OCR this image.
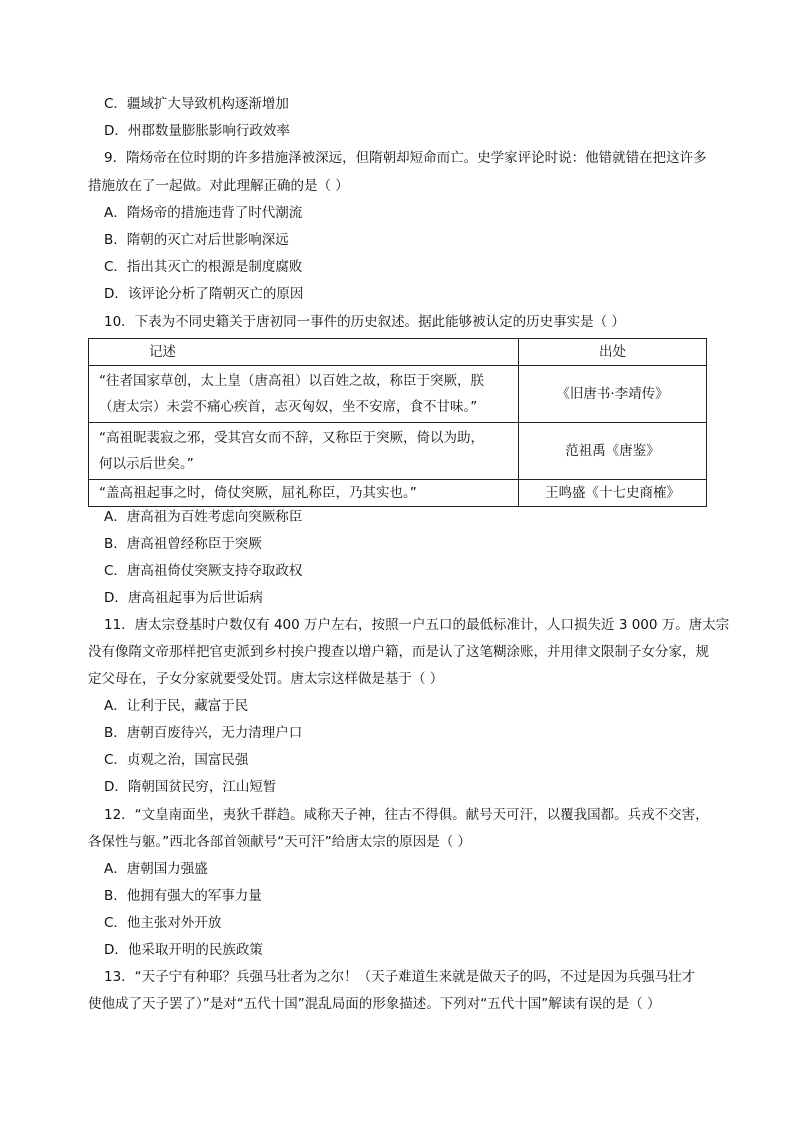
C．疆域扩大导致机构逐渐增加
D．州郡数量膨胀影响行政效率
9．隋炀帝在位时期的许多措施泽被深远，但隋朝却短命而亡。史学家评论时说：他错就错在把这许多
措施放在了一起做。对此理解正确的是（ ）
A．隋炀帝的措施违背了时代潮流
B．隋朝的灭亡对后世影响深远
C．指出其灭亡的根源是制度腐败
D．该评论分析了隋朝灭亡的原因
10．下表为不同史籍关于唐初同一事件的历史叙述。据此能够被认定的历史事实是（ ）
记述	出处
“往者国家草创，太上皇（唐高祖）以百姓之故，称臣于突厥，朕
（唐太宗）未尝不痛心疾首，志灭匈奴，坐不安席，食不甘味。”	《旧唐书·李靖传》
“高祖昵裴寂之邪，受其宫女而不辞，又称臣于突厥，倚以为助，
何以示后世矣。”	范祖禹《唐鉴》
“盖高祖起事之时，倚仗突厥，屈礼称臣，乃其实也。”	王鸣盛《十七史商榷》
A．唐高祖为百姓考虑向突厥称臣
B．唐高祖曾经称臣于突厥
C．唐高祖倚仗突厥支持夺取政权
D．唐高祖起事为后世诟病
11．唐太宗登基时户数仅有 400 万户左右，按照一户五口的最低标准计，人口损失近 3 000 万。唐太宗
没有像隋文帝那样把官吏派到乡村挨户搜查以增户籍，而是认了这笔糊涂账，并用律文限制子女分家，规
定父母在，子女分家就要受处罚。唐太宗这样做是基于（ ）
A．让利于民，藏富于民
B．唐朝百废待兴，无力清理户口
C．贞观之治，国富民强
D．隋朝国贫民穷，江山短暂
12．“文皇南面坐，夷狄千群趋。咸称天子神，往古不得俱。献号天可汗，以覆我国都。兵戎不交害，
各保性与躯。”西北各部首领献号“天可汗”给唐太宗的原因是（ ）
A．唐朝国力强盛
B．他拥有强大的军事力量
C．他主张对外开放
D．他采取开明的民族政策
13．“天子宁有种耶？兵强马壮者为之尔！（天子难道生来就是做天子的吗，不过是因为兵强马壮才
使他成了天子罢了）”是对“五代十国”混乱局面的形象描述。下列对“五代十国”解读有误的是（ ）
